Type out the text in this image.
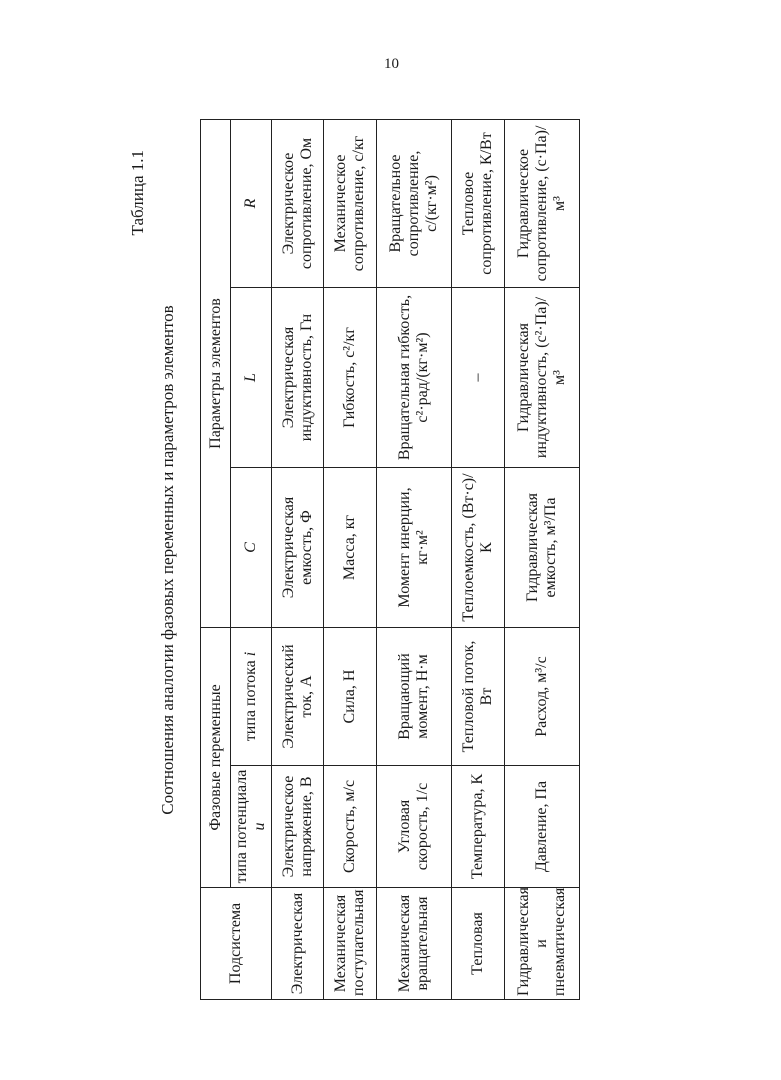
10
Таблица 1.1
Соотношения аналогии фазовых переменных и параметров элементов
Подсистема	Фазовые переменные		Параметры элементов		
	типа потенциала u	типа потока i	C	L	R
Электрическая	Электрическое напряжение, В	Электрический ток, А	Электрическая емкость, Ф	Электрическая индуктивность, Гн	Электрическое сопротивление, Ом
Механическая поступательная	Скорость, м/с	Сила, Н	Масса, кг	Гибкость, с²/кг	Механическое сопротивление, с/кг
Механическая вращательная	Угловая скорость, 1/с	Вращающий момент, Н·м	Момент инерции, кг·м²	Вращательная гибкость, с²·рад/(кг·м²)	Вращательное сопротивление, с/(кг·м²)
Тепловая	Температура, К	Тепловой поток, Вт	Теплоемкость, (Вт·с)/К	–	Тепловое сопротивление, К/Вт
Гидравлическая и пневматическая	Давление, Па	Расход, м³/с	Гидравлическая емкость, м³/Па	Гидравлическая индуктивность, (с²·Па)/м³	Гидравлическое сопротивление, (с·Па)/м³
